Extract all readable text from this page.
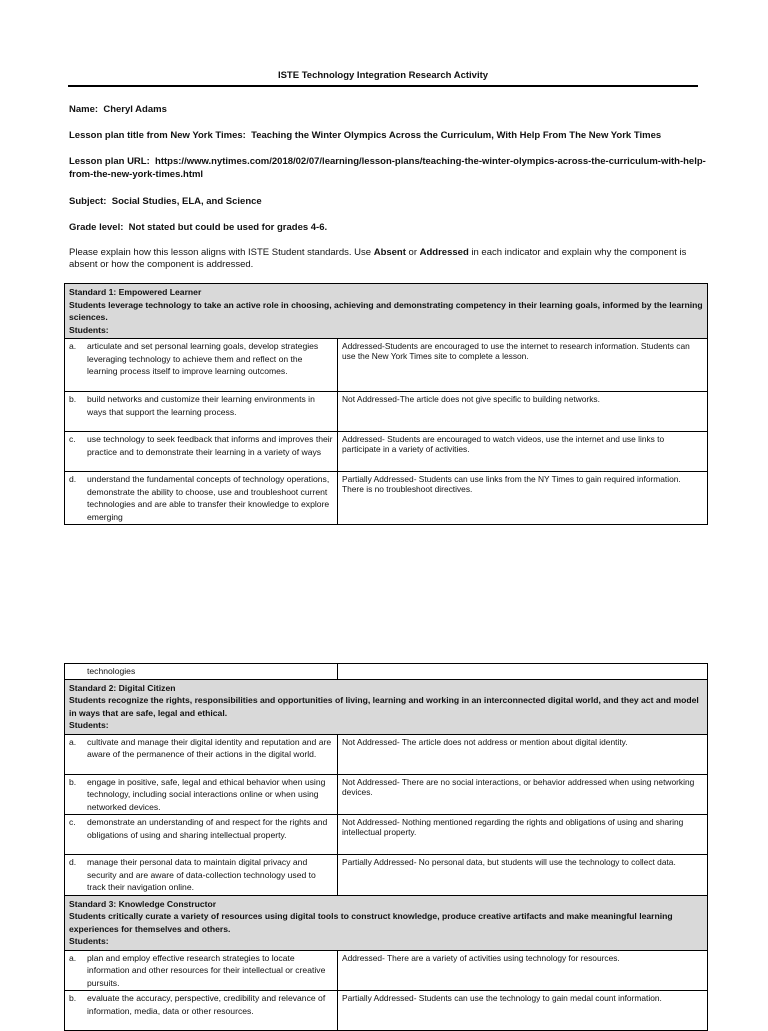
ISTE Technology Integration Research Activity
Name: Cheryl Adams
Lesson plan title from New York Times: Teaching the Winter Olympics Across the Curriculum, With Help From The New York Times
Lesson plan URL: https://www.nytimes.com/2018/02/07/learning/lesson-plans/teaching-the-winter-olympics-across-the-curriculum-with-help-from-the-new-york-times.html
Subject: Social Studies, ELA, and Science
Grade level: Not stated but could be used for grades 4-6.
Please explain how this lesson aligns with ISTE Student standards. Use Absent or Addressed in each indicator and explain why the component is absent or how the component is addressed.
Standard 1: Empowered Learner
Students leverage technology to take an active role in choosing, achieving and demonstrating competency in their learning goals, informed by the learning sciences.
Students:	

a. articulate and set personal learning goals, develop strategies leveraging technology to achieve them and reflect on the learning process itself to improve learning outcomes.	Addressed-Students are encouraged to use the internet to research information. Students can use the New York Times site to complete a lesson.

b. build networks and customize their learning environments in ways that support the learning process.	Not Addressed-The article does not give specific to building networks.

c. use technology to seek feedback that informs and improves their practice and to demonstrate their learning in a variety of ways	Addressed- Students are encouraged to watch videos, use the internet and use links to participate in a variety of activities.

d. understand the fundamental concepts of technology operations, demonstrate the ability to choose, use and troubleshoot current technologies and are able to transfer their knowledge to explore emerging	Partially Addressed- Students can use links from the NY Times to gain required information. There is no troubleshoot directives.
technologies	

Standard 2: Digital Citizen
Students recognize the rights, responsibilities and opportunities of living, learning and working in an interconnected digital world, and they act and model in ways that are safe, legal and ethical.
Students:	

a. cultivate and manage their digital identity and reputation and are aware of the permanence of their actions in the digital world.	Not Addressed- The article does not address or mention about digital identity.

b. engage in positive, safe, legal and ethical behavior when using technology, including social interactions online or when using networked devices.	Not Addressed- There are no social interactions, or behavior addressed when using networking devices.

c. demonstrate an understanding of and respect for the rights and obligations of using and sharing intellectual property.	Not Addressed- Nothing mentioned regarding the rights and obligations of using and sharing intellectual property.

d. manage their personal data to maintain digital privacy and security and are aware of data-collection technology used to track their navigation online.	Partially Addressed- No personal data, but students will use the technology to collect data.

Standard 3: Knowledge Constructor
Students critically curate a variety of resources using digital tools to construct knowledge, produce creative artifacts and make meaningful learning experiences for themselves and others.
Students:	

a. plan and employ effective research strategies to locate information and other resources for their intellectual or creative pursuits.	Addressed- There are a variety of activities using technology for resources.

b. evaluate the accuracy, perspective, credibility and relevance of information, media, data or other resources.	Partially Addressed- Students can use the technology to gain medal count information.
